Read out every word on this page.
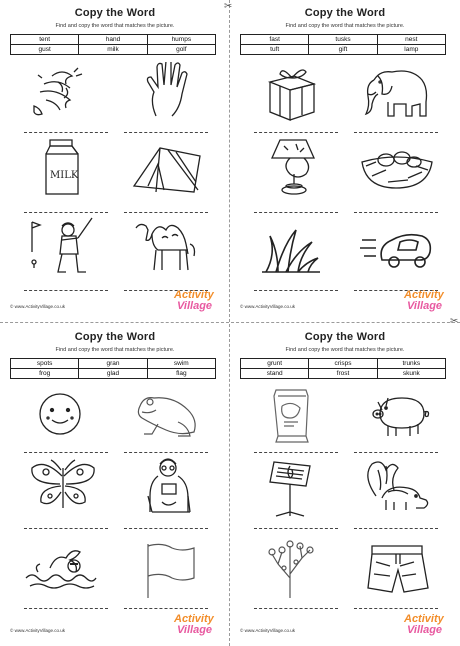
✂
✂
Copy the Word
Find and copy the word that matches the picture.
tent	hand	humps
gust	milk	golf
MILK
© www.ActivityVillage.co.uk
Activity
Village
Copy the Word
Find and copy the word that matches the picture.
fast	tusks	nest
tuft	gift	lamp
© www.ActivityVillage.co.uk
Activity
Village
Copy the Word
Find and copy the word that matches the picture.
spots	gran	swim
frog	glad	flag
© www.ActivityVillage.co.uk
Activity
Village
Copy the Word
Find and copy the word that matches the picture.
grunt	crisps	trunks
stand	frost	skunk
© www.ActivityVillage.co.uk
Activity
Village
